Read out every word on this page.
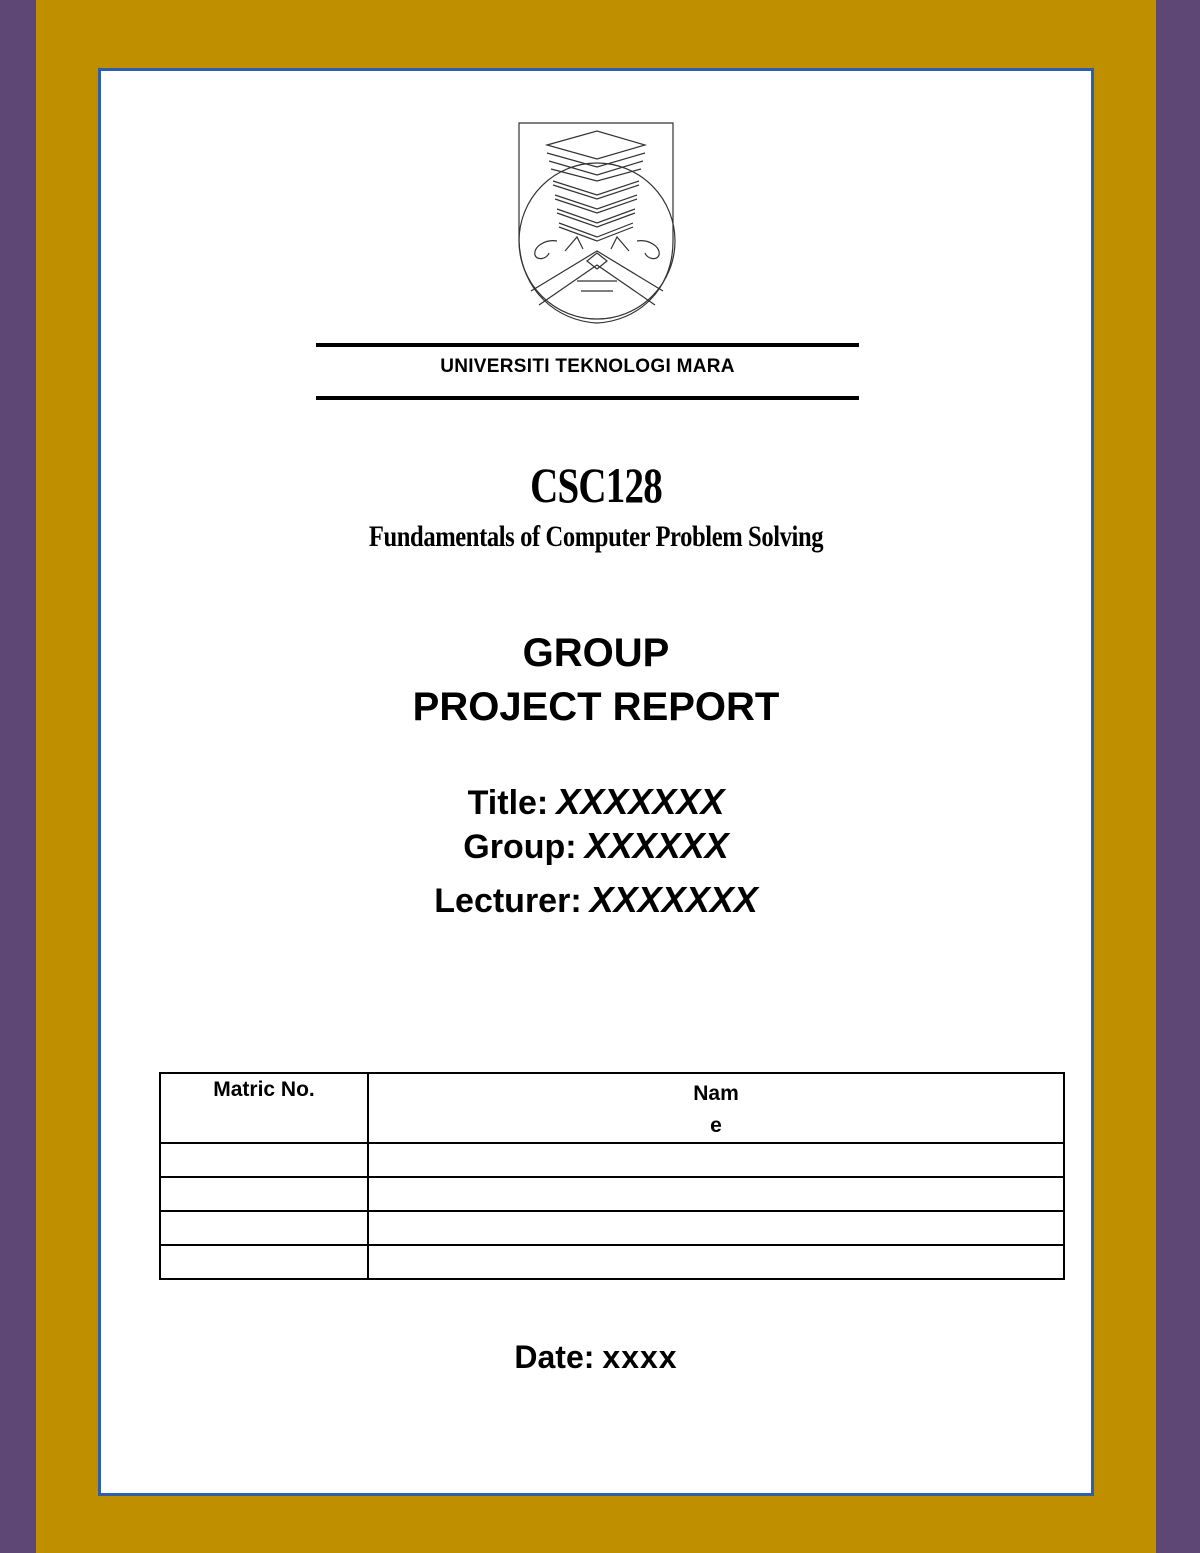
UNIVERSITI TEKNOLOGI MARA
CSC128
Fundamentals of Computer Problem Solving
GROUP
PROJECT REPORT
Title: XXXXXXX
Group: XXXXXX
Lecturer: XXXXXXX
Matric No.	Nam
e

Date: xxxx
